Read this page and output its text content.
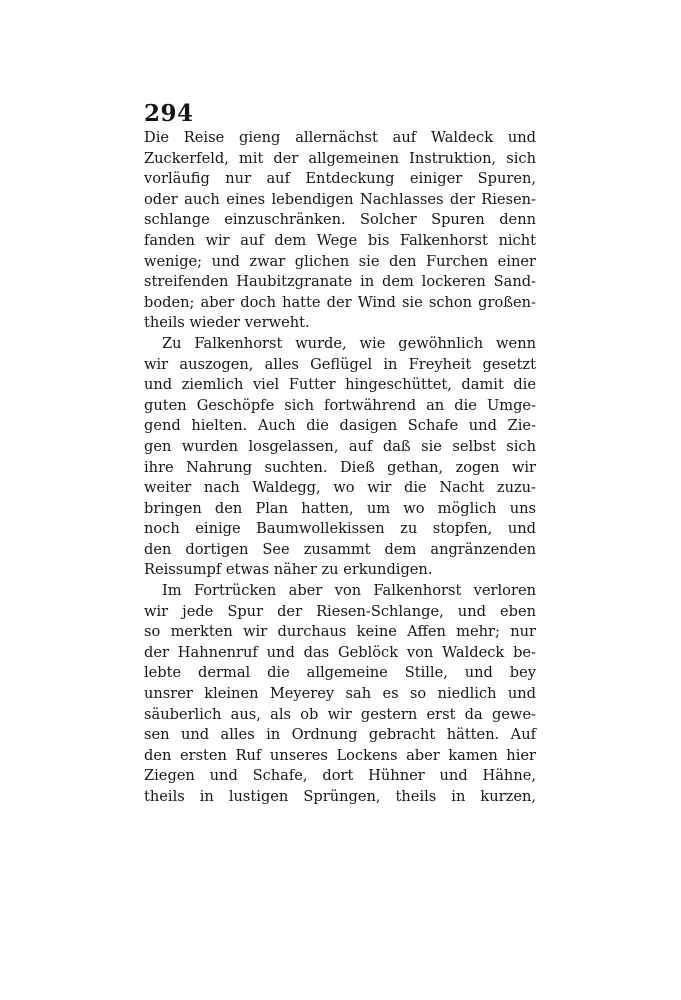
294
Die Reise gieng allernächst auf Waldeck und
Zuckerfeld, mit der allgemeinen Instruktion, sich
vorläufig nur auf Entdeckung einiger Spuren,
oder auch eines lebendigen Nachlasses der Riesen-
schlange einzuschränken. Solcher Spuren denn
fanden wir auf dem Wege bis Falkenhorst nicht
wenige; und zwar glichen sie den Furchen einer
streifenden Haubitzgranate in dem lockeren Sand-
boden; aber doch hatte der Wind sie schon großen-
theils wieder verweht.
Zu Falkenhorst wurde, wie gewöhnlich wenn
wir auszogen, alles Geflügel in Freyheit gesetzt
und ziemlich viel Futter hingeschüttet, damit die
guten Geschöpfe sich fortwährend an die Umge-
gend hielten. Auch die dasigen Schafe und Zie-
gen wurden losgelassen, auf daß sie selbst sich
ihre Nahrung suchten. Dieß gethan, zogen wir
weiter nach Waldegg, wo wir die Nacht zuzu-
bringen den Plan hatten, um wo möglich uns
noch einige Baumwollekissen zu stopfen, und
den dortigen See zusammt dem angränzenden
Reissumpf etwas näher zu erkundigen.
Im Fortrücken aber von Falkenhorst verloren
wir jede Spur der Riesen-Schlange, und eben
so merkten wir durchaus keine Affen mehr; nur
der Hahnenruf und das Geblöck von Waldeck be-
lebte dermal die allgemeine Stille, und bey
unsrer kleinen Meyerey sah es so niedlich und
säuberlich aus, als ob wir gestern erst da gewe-
sen und alles in Ordnung gebracht hätten. Auf
den ersten Ruf unseres Lockens aber kamen hier
Ziegen und Schafe, dort Hühner und Hähne,
theils in lustigen Sprüngen, theils in kurzen,
